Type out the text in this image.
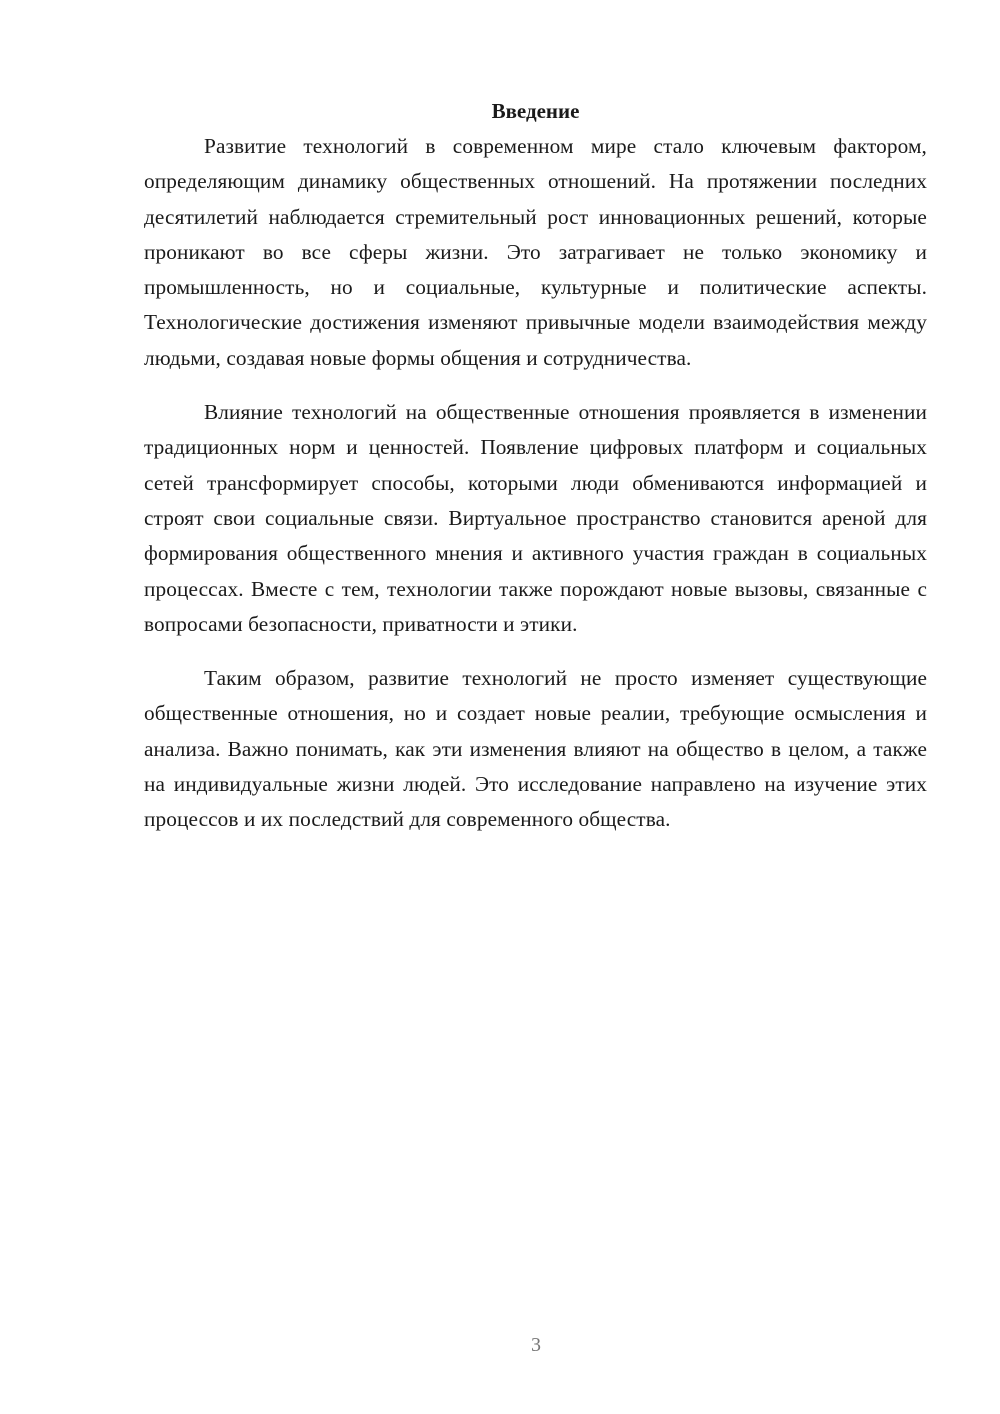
Введение

Развитие технологий в современном мире стало ключевым фактором, определяющим динамику общественных отношений. На протяжении последних десятилетий наблюдается стремительный рост инновационных решений, которые проникают во все сферы жизни. Это затрагивает не только экономику и промышленность, но и социальные, культурные и политические аспекты. Технологические достижения изменяют привычные модели взаимодействия между людьми, создавая новые формы общения и сотрудничества.

Влияние технологий на общественные отношения проявляется в изменении традиционных норм и ценностей. Появление цифровых платформ и социальных сетей трансформирует способы, которыми люди обмениваются информацией и строят свои социальные связи. Виртуальное пространство становится ареной для формирования общественного мнения и активного участия граждан в социальных процессах. Вместе с тем, технологии также порождают новые вызовы, связанные с вопросами безопасности, приватности и этики.

Таким образом, развитие технологий не просто изменяет существующие общественные отношения, но и создает новые реалии, требующие осмысления и анализа. Важно понимать, как эти изменения влияют на общество в целом, а также на индивидуальные жизни людей. Это исследование направлено на изучение этих процессов и их последствий для современного общества.

3
